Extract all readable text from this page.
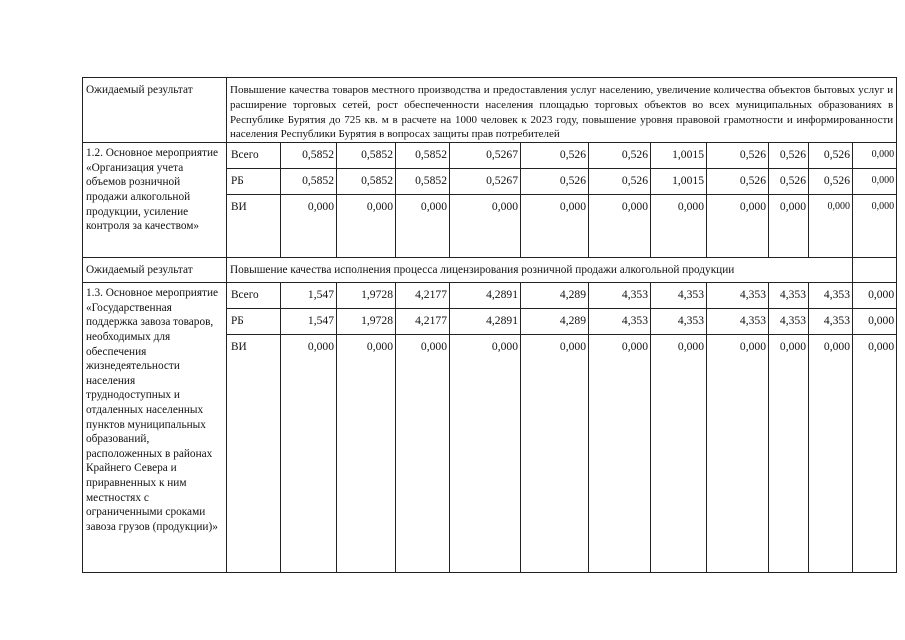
Ожидаемый результат	Повышение качества товаров местного производства и предоставления услуг населению, увеличение количества объектов бытовых услуг и расширение торговых сетей, рост обеспеченности населения площадью торговых объектов во всех муниципальных образованиях в Республике Бурятия до 725 кв. м в расчете на 1000 человек к 2023 году, повышение уровня правовой грамотности и информированности населения Республики Бурятия в вопросах защиты прав потребителей											
1.2. Основное мероприятие «Организация учета объемов розничной продажи алкогольной продукции, усиление контроля за качеством»	Всего	0,5852	0,5852	0,5852	0,5267	0,526	0,526	1,0015	0,526	0,526	0,526	0,000
	РБ	0,5852	0,5852	0,5852	0,5267	0,526	0,526	1,0015	0,526	0,526	0,526	0,000
	ВИ	0,000	0,000	0,000	0,000	0,000	0,000	0,000	0,000	0,000	0,000	0,000
Ожидаемый результат	Повышение качества исполнения процесса лицензирования розничной продажи алкогольной продукции											
1.3. Основное мероприятие «Государственная поддержка завоза товаров, необходимых для обеспечения жизнедеятельности населения труднодоступных и отдаленных населенных пунктов муниципальных образований, расположенных в районах Крайнего Севера и приравненных к ним местностях с ограниченными сроками завоза грузов (продукции)»	Всего	1,547	1,9728	4,2177	4,2891	4,289	4,353	4,353	4,353	4,353	4,353	0,000
	РБ	1,547	1,9728	4,2177	4,2891	4,289	4,353	4,353	4,353	4,353	4,353	0,000
	ВИ	0,000	0,000	0,000	0,000	0,000	0,000	0,000	0,000	0,000	0,000	0,000
